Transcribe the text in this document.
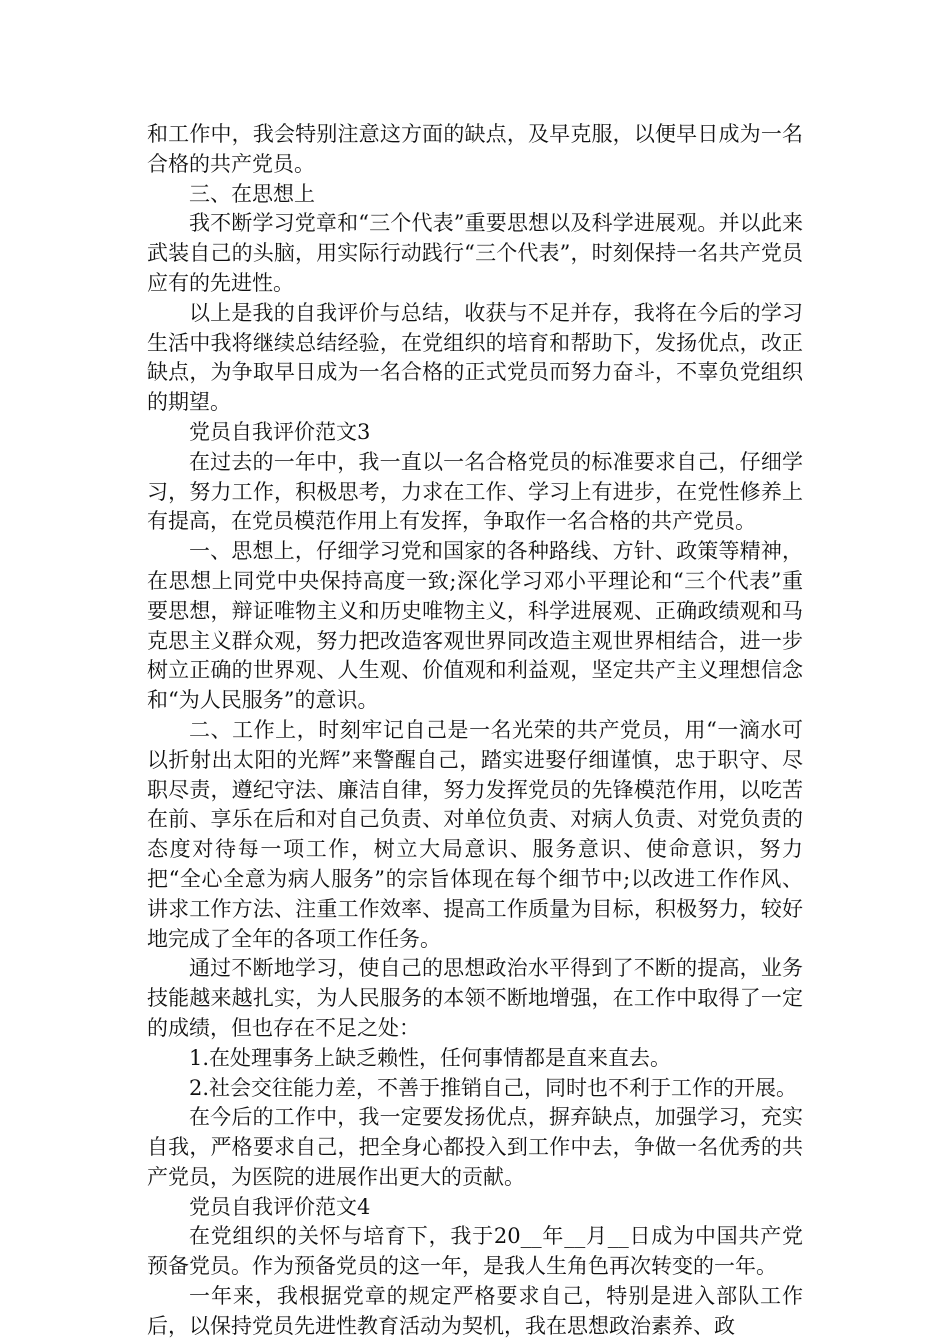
和工作中，我会特别注意这方面的缺点，及早克服，以便早日成为一名合格的共产党员。

三、在思想上

我不断学习党章和“三个代表”重要思想以及科学进展观。并以此来武装自己的头脑，用实际行动践行“三个代表”，时刻保持一名共产党员应有的先进性。

以上是我的自我评价与总结，收获与不足并存，我将在今后的学习生活中我将继续总结经验，在党组织的培育和帮助下，发扬优点，改正缺点，为争取早日成为一名合格的正式党员而努力奋斗，不辜负党组织的期望。

党员自我评价范文3

在过去的一年中，我一直以一名合格党员的标准要求自己，仔细学习，努力工作，积极思考，力求在工作、学习上有进步，在党性修养上有提高，在党员模范作用上有发挥，争取作一名合格的共产党员。

一、思想上，仔细学习党和国家的各种路线、方针、政策等精神，在思想上同党中央保持高度一致;深化学习邓小平理论和“三个代表”重要思想，辩证唯物主义和历史唯物主义，科学进展观、正确政绩观和马克思主义群众观，努力把改造客观世界同改造主观世界相结合，进一步树立正确的世界观、人生观、价值观和利益观，坚定共产主义理想信念和“为人民服务”的意识。

二、工作上，时刻牢记自己是一名光荣的共产党员，用“一滴水可以折射出太阳的光辉”来警醒自己，踏实进娶仔细谨慎，忠于职守、尽职尽责，遵纪守法、廉洁自律，努力发挥党员的先锋模范作用，以吃苦在前、享乐在后和对自己负责、对单位负责、对病人负责、对党负责的态度对待每一项工作，树立大局意识、服务意识、使命意识，努力把“全心全意为病人服务”的宗旨体现在每个细节中;以改进工作作风、讲求工作方法、注重工作效率、提高工作质量为目标，积极努力，较好地完成了全年的各项工作任务。

通过不断地学习，使自己的思想政治水平得到了不断的提高，业务技能越来越扎实，为人民服务的本领不断地增强，在工作中取得了一定的成绩，但也存在不足之处：

1.在处理事务上缺乏赖性，任何事情都是直来直去。

2.社会交往能力差，不善于推销自己，同时也不利于工作的开展。

在今后的工作中，我一定要发扬优点，摒弃缺点，加强学习，充实自我，严格要求自己，把全身心都投入到工作中去，争做一名优秀的共产党员，为医院的进展作出更大的贡献。

党员自我评价范文4

在党组织的关怀与培育下，我于20__年__月__日成为中国共产党预备党员。作为预备党员的这一年，是我人生角色再次转变的一年。

一年来，我根据党章的规定严格要求自己，特别是进入部队工作后，以保持党员先进性教育活动为契机，我在思想政治素养、政
